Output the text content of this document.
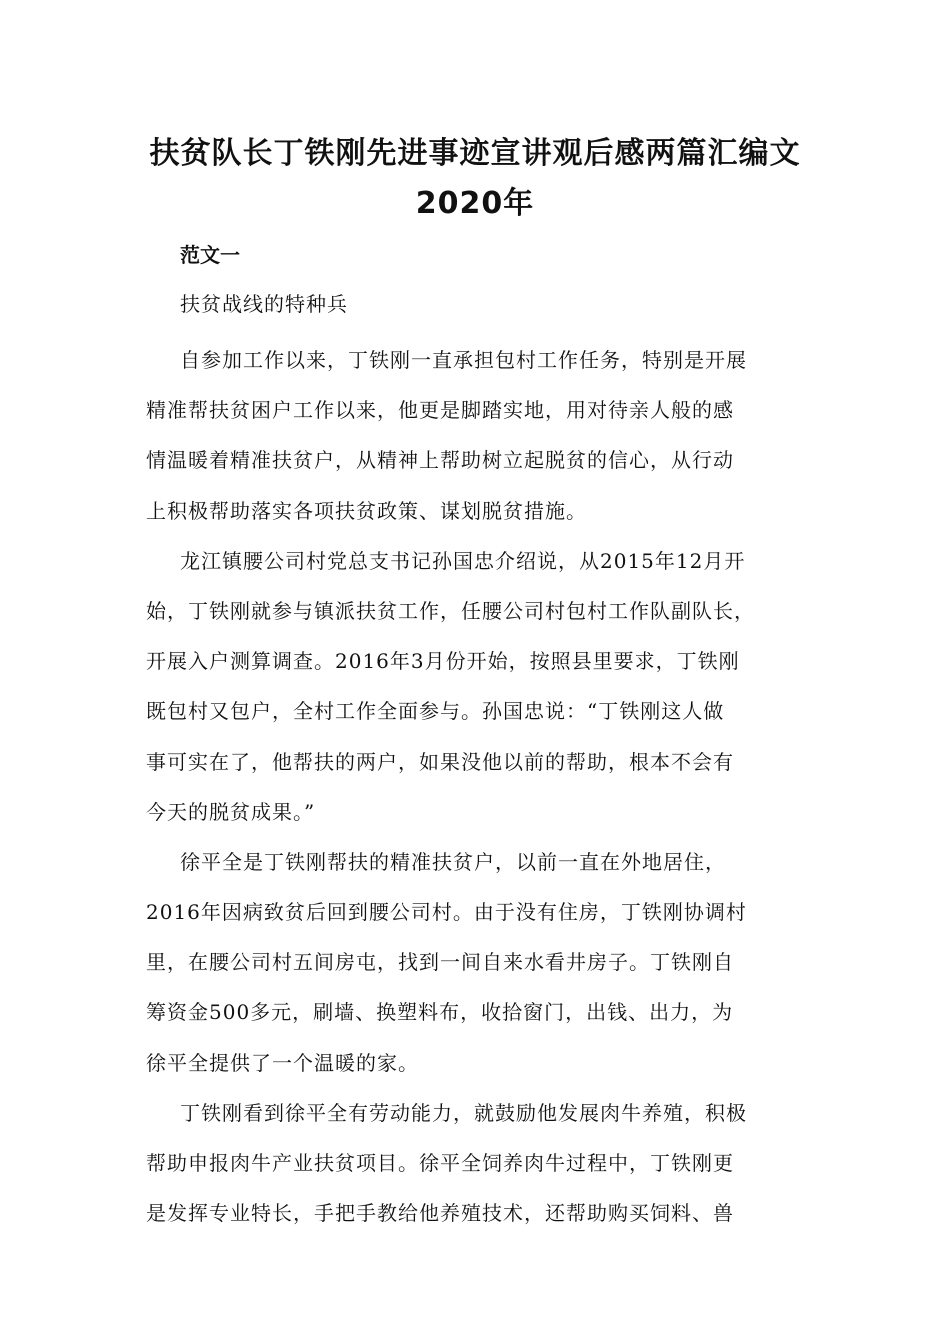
扶贫队长丁铁刚先进事迹宣讲观后感两篇汇编文
2020年
范文一
扶贫战线的特种兵
自参加工作以来，丁铁刚一直承担包村工作任务，特别是开展
精准帮扶贫困户工作以来，他更是脚踏实地，用对待亲人般的感
情温暖着精准扶贫户，从精神上帮助树立起脱贫的信心，从行动
上积极帮助落实各项扶贫政策、谋划脱贫措施。
龙江镇腰公司村党总支书记孙国忠介绍说，从2015年12月开
始，丁铁刚就参与镇派扶贫工作，任腰公司村包村工作队副队长，
开展入户测算调查。2016年3月份开始，按照县里要求，丁铁刚
既包村又包户，全村工作全面参与。孙国忠说：“丁铁刚这人做
事可实在了，他帮扶的两户，如果没他以前的帮助，根本不会有
今天的脱贫成果。”
徐平全是丁铁刚帮扶的精准扶贫户，以前一直在外地居住，
2016年因病致贫后回到腰公司村。由于没有住房，丁铁刚协调村
里，在腰公司村五间房屯，找到一间自来水看井房子。丁铁刚自
筹资金500多元，刷墙、换塑料布，收拾窗门，出钱、出力，为
徐平全提供了一个温暖的家。
丁铁刚看到徐平全有劳动能力，就鼓励他发展肉牛养殖，积极
帮助申报肉牛产业扶贫项目。徐平全饲养肉牛过程中，丁铁刚更
是发挥专业特长，手把手教给他养殖技术，还帮助购买饲料、兽
